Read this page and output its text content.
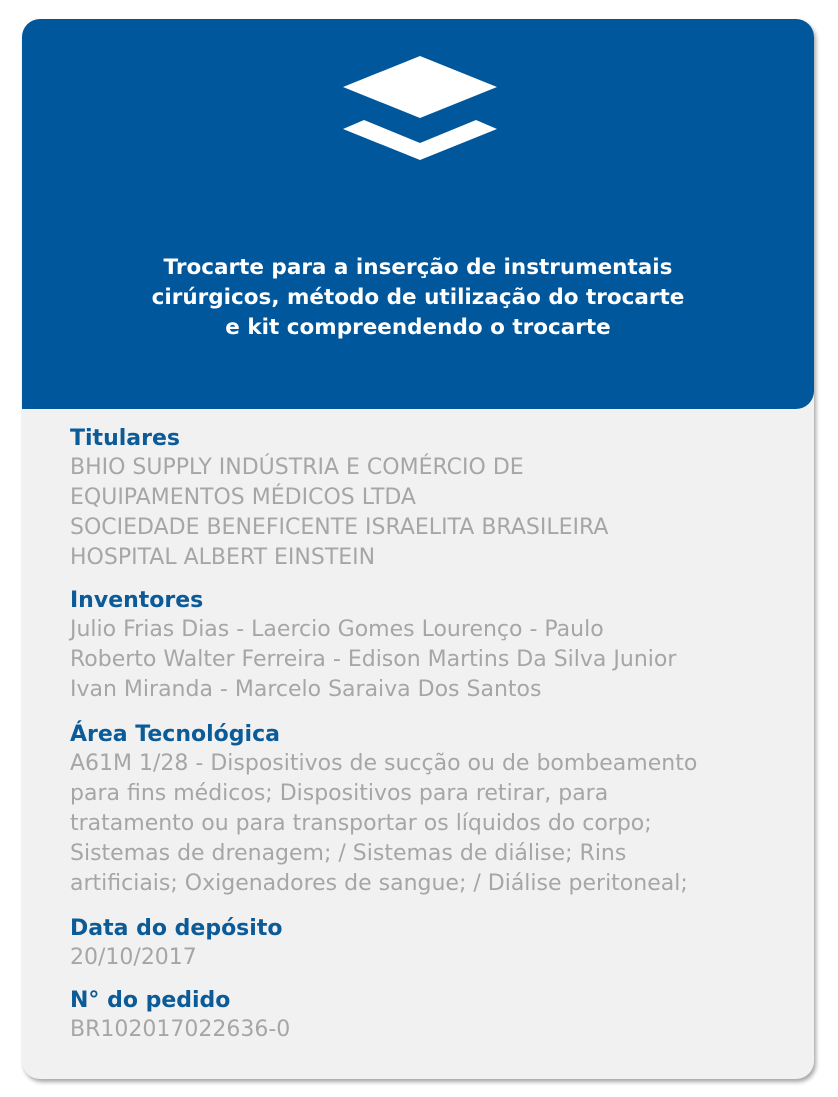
Trocarte para a inserção de instrumentais
cirúrgicos, método de utilização do trocarte
e kit compreendendo o trocarte

Titulares

BHIO SUPPLY INDÚSTRIA E COMÉRCIO DE
EQUIPAMENTOS MÉDICOS LTDA
SOCIEDADE BENEFICENTE ISRAELITA BRASILEIRA
HOSPITAL ALBERT EINSTEIN

Inventores

Julio Frias Dias - Laercio Gomes Lourenço - Paulo
Roberto Walter Ferreira - Edison Martins Da Silva Junior
Ivan Miranda - Marcelo Saraiva Dos Santos

Área Tecnológica

A61M 1/28 - Dispositivos de sucção ou de bombeamento
para fins médicos; Dispositivos para retirar, para
tratamento ou para transportar os líquidos do corpo;
Sistemas de drenagem; / Sistemas de diálise; Rins
artificiais; Oxigenadores de sangue; / Diálise peritoneal;

Data do depósito

20/10/2017

N° do pedido

BR102017022636-0
